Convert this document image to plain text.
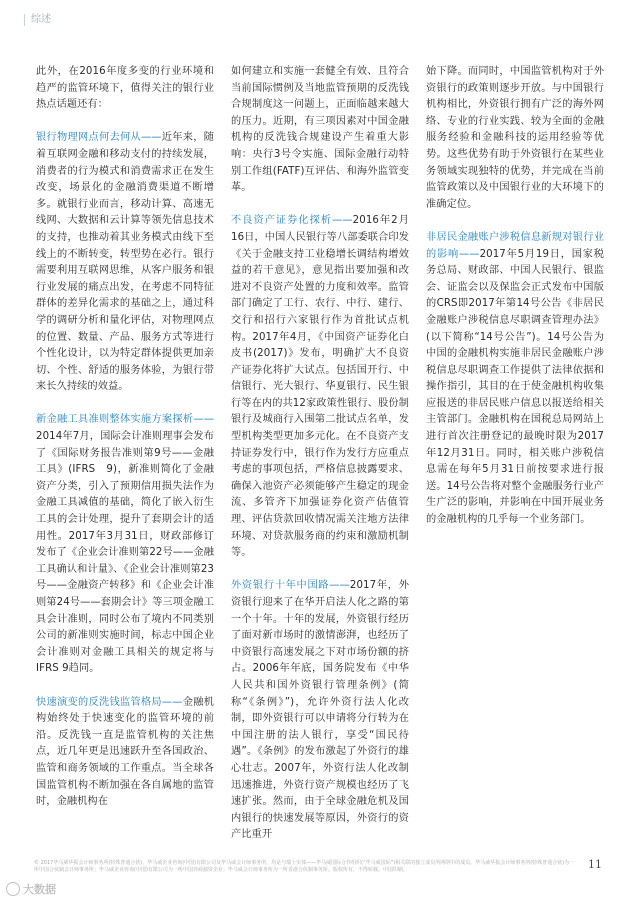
综述

此外，在2016年度多变的行业环境和趋严的监管环境下，值得关注的银行业热点话题还有：

银行物理网点何去何从——近年来，随着互联网金融和移动支付的持续发展，消费者的行为模式和消费需求正在发生改变，场景化的金融消费渠道不断增多。就银行业而言，移动计算、高速无线网、大数据和云计算等领先信息技术的支持，也推动着其业务模式由线下至线上的不断转变，转型势在必行。银行需要利用互联网思维，从客户服务和银行业发展的痛点出发，在考虑不同特征群体的差异化需求的基础之上，通过科学的调研分析和量化评估，对物理网点的位置、数量、产品、服务方式等进行个性化设计，以为特定群体提供更加亲切、个性、舒适的服务体验，为银行带来长久持续的效益。

新金融工具准则整体实施方案探析——2014年7月，国际会计准则理事会发布了《国际财务报告准则第9号——金融工具》(IFRS　9)，新准则简化了金融资产分类，引入了预期信用损失法作为金融工具减值的基础，简化了嵌入衍生工具的会计处理，提升了套期会计的适用性。2017年3月31日，财政部修订发布了《企业会计准则第22号——金融工具确认和计量》、《企业会计准则第23号——金融资产转移》和《企业会计准则第24号——套期会计》等三项金融工具会计准则，同时公布了境内不同类别公司的新准则实施时间，标志中国企业会计准则对金融工具相关的规定将与IFRS 9趋同。

快速演变的反洗钱监管格局——金融机构始终处于快速变化的监管环境的前沿。反洗钱一直是监管机构的关注焦点，近几年更是迅速跃升至各国政治、监管和商务领域的工作重点。当全球各国监管机构不断加强在各自属地的监管时，金融机构在

如何建立和实施一套健全有效、且符合当前国际惯例及当地监管预期的反洗钱合规制度这一问题上，正面临越来越大的压力。近期，有三项因素对中国金融机构的反洗钱合规建设产生着重大影响：央行3号令实施、国际金融行动特别工作组(FATF)互评估、和海外监管变革。

不良资产证券化探析——2016年2月16日，中国人民银行等八部委联合印发《关于金融支持工业稳增长调结构增效益的若干意见》，意见指出要加强和改进对不良资产处置的力度和效率。监管部门确定了工行、农行、中行、建行、交行和招行六家银行作为首批试点机构。2017年4月，《中国资产证券化白皮书(2017)》发布，明确扩大不良资产证券化将扩大试点。包括国开行、中信银行、光大银行、华夏银行、民生银行等在内的共12家政策性银行、股份制银行及城商行入围第二批试点名单，发型机构类型更加多元化。在不良资产支持证券发行中，银行作为发行方应重点考虑的事项包括，严格信息披露要求、确保入池资产必须能够产生稳定的现金流、多管齐下加强证券化资产估值管理、评估贷款回收情况需关注地方法律环境、对贷款服务商的约束和激励机制等。

外资银行十年中国路——2017年，外资银行迎来了在华开启法人化之路的第一个十年。十年的发展，外资银行经历了面对新市场时的激情澎湃，也经历了中资银行高速发展之下对市场份额的挤占。2006年年底，国务院发布《中华人民共和国外资银行管理条例》(简称“《条例》”)，允许外资行法人化改制，即外资银行可以申请将分行转为在中国注册的法人银行，享受“国民待遇”。《条例》的发布激起了外资行的雄心壮志。2007年，外资行法人化改制迅速推进，外资行资产规模也经历了飞速扩张。然而，由于全球金融危机及国内银行的快速发展等原因，外资行的资产比重开

始下降。而同时，中国监管机构对于外资银行的政策则逐步开放。与中国银行机构相比，外资银行拥有广泛的海外网络、专业的行业实践、较为全面的金融服务经验和金融科技的运用经验等优势。这些优势有助于外资银行在某些业务领域实现独特的优势，并完成在当前监管政策以及中国银行业的大环境下的准确定位。

非居民金融账户涉税信息新规对银行业的影响——2017年5月19日，国家税务总局、财政部、中国人民银行、银监会、证监会以及保监会正式发布中国版的CRS即2017年第14号公告《非居民金融账户涉税信息尽职调查管理办法》(以下简称“14号公告”)。14号公告为中国的金融机构实施非居民金融账户涉税信息尽职调查工作提供了法律依据和操作指引，其目的在于使金融机构收集应报送的非居民账户信息以报送给相关主管部门。金融机构在国税总局网站上进行首次注册登记的最晚时限为2017年12月31日。同时，相关账户涉税信息需在每年5月31日前按要求进行报送。14号公告将对整个金融服务行业产生广泛的影响，并影响在中国开展业务的金融机构的几乎每一个业务部门。

© 2017毕马威华振会计师事务所(特殊普通合伙)，毕马威企业咨询(中国)有限公司及毕马威会计师事务所，均是与瑞士实体——毕马威国际合作组织(“毕马威国际”)相关联的独立成员所网络中的成员。毕马威华振会计师事务所(特殊普通合伙)为一所中国合伙制会计师事务所；毕马威企业咨询(中国)有限公司为一所中国外商独资企业；毕马威会计师事务所为一所香港合伙制事务所。版权所有，不得转载。中国印刷。	11
大数据
